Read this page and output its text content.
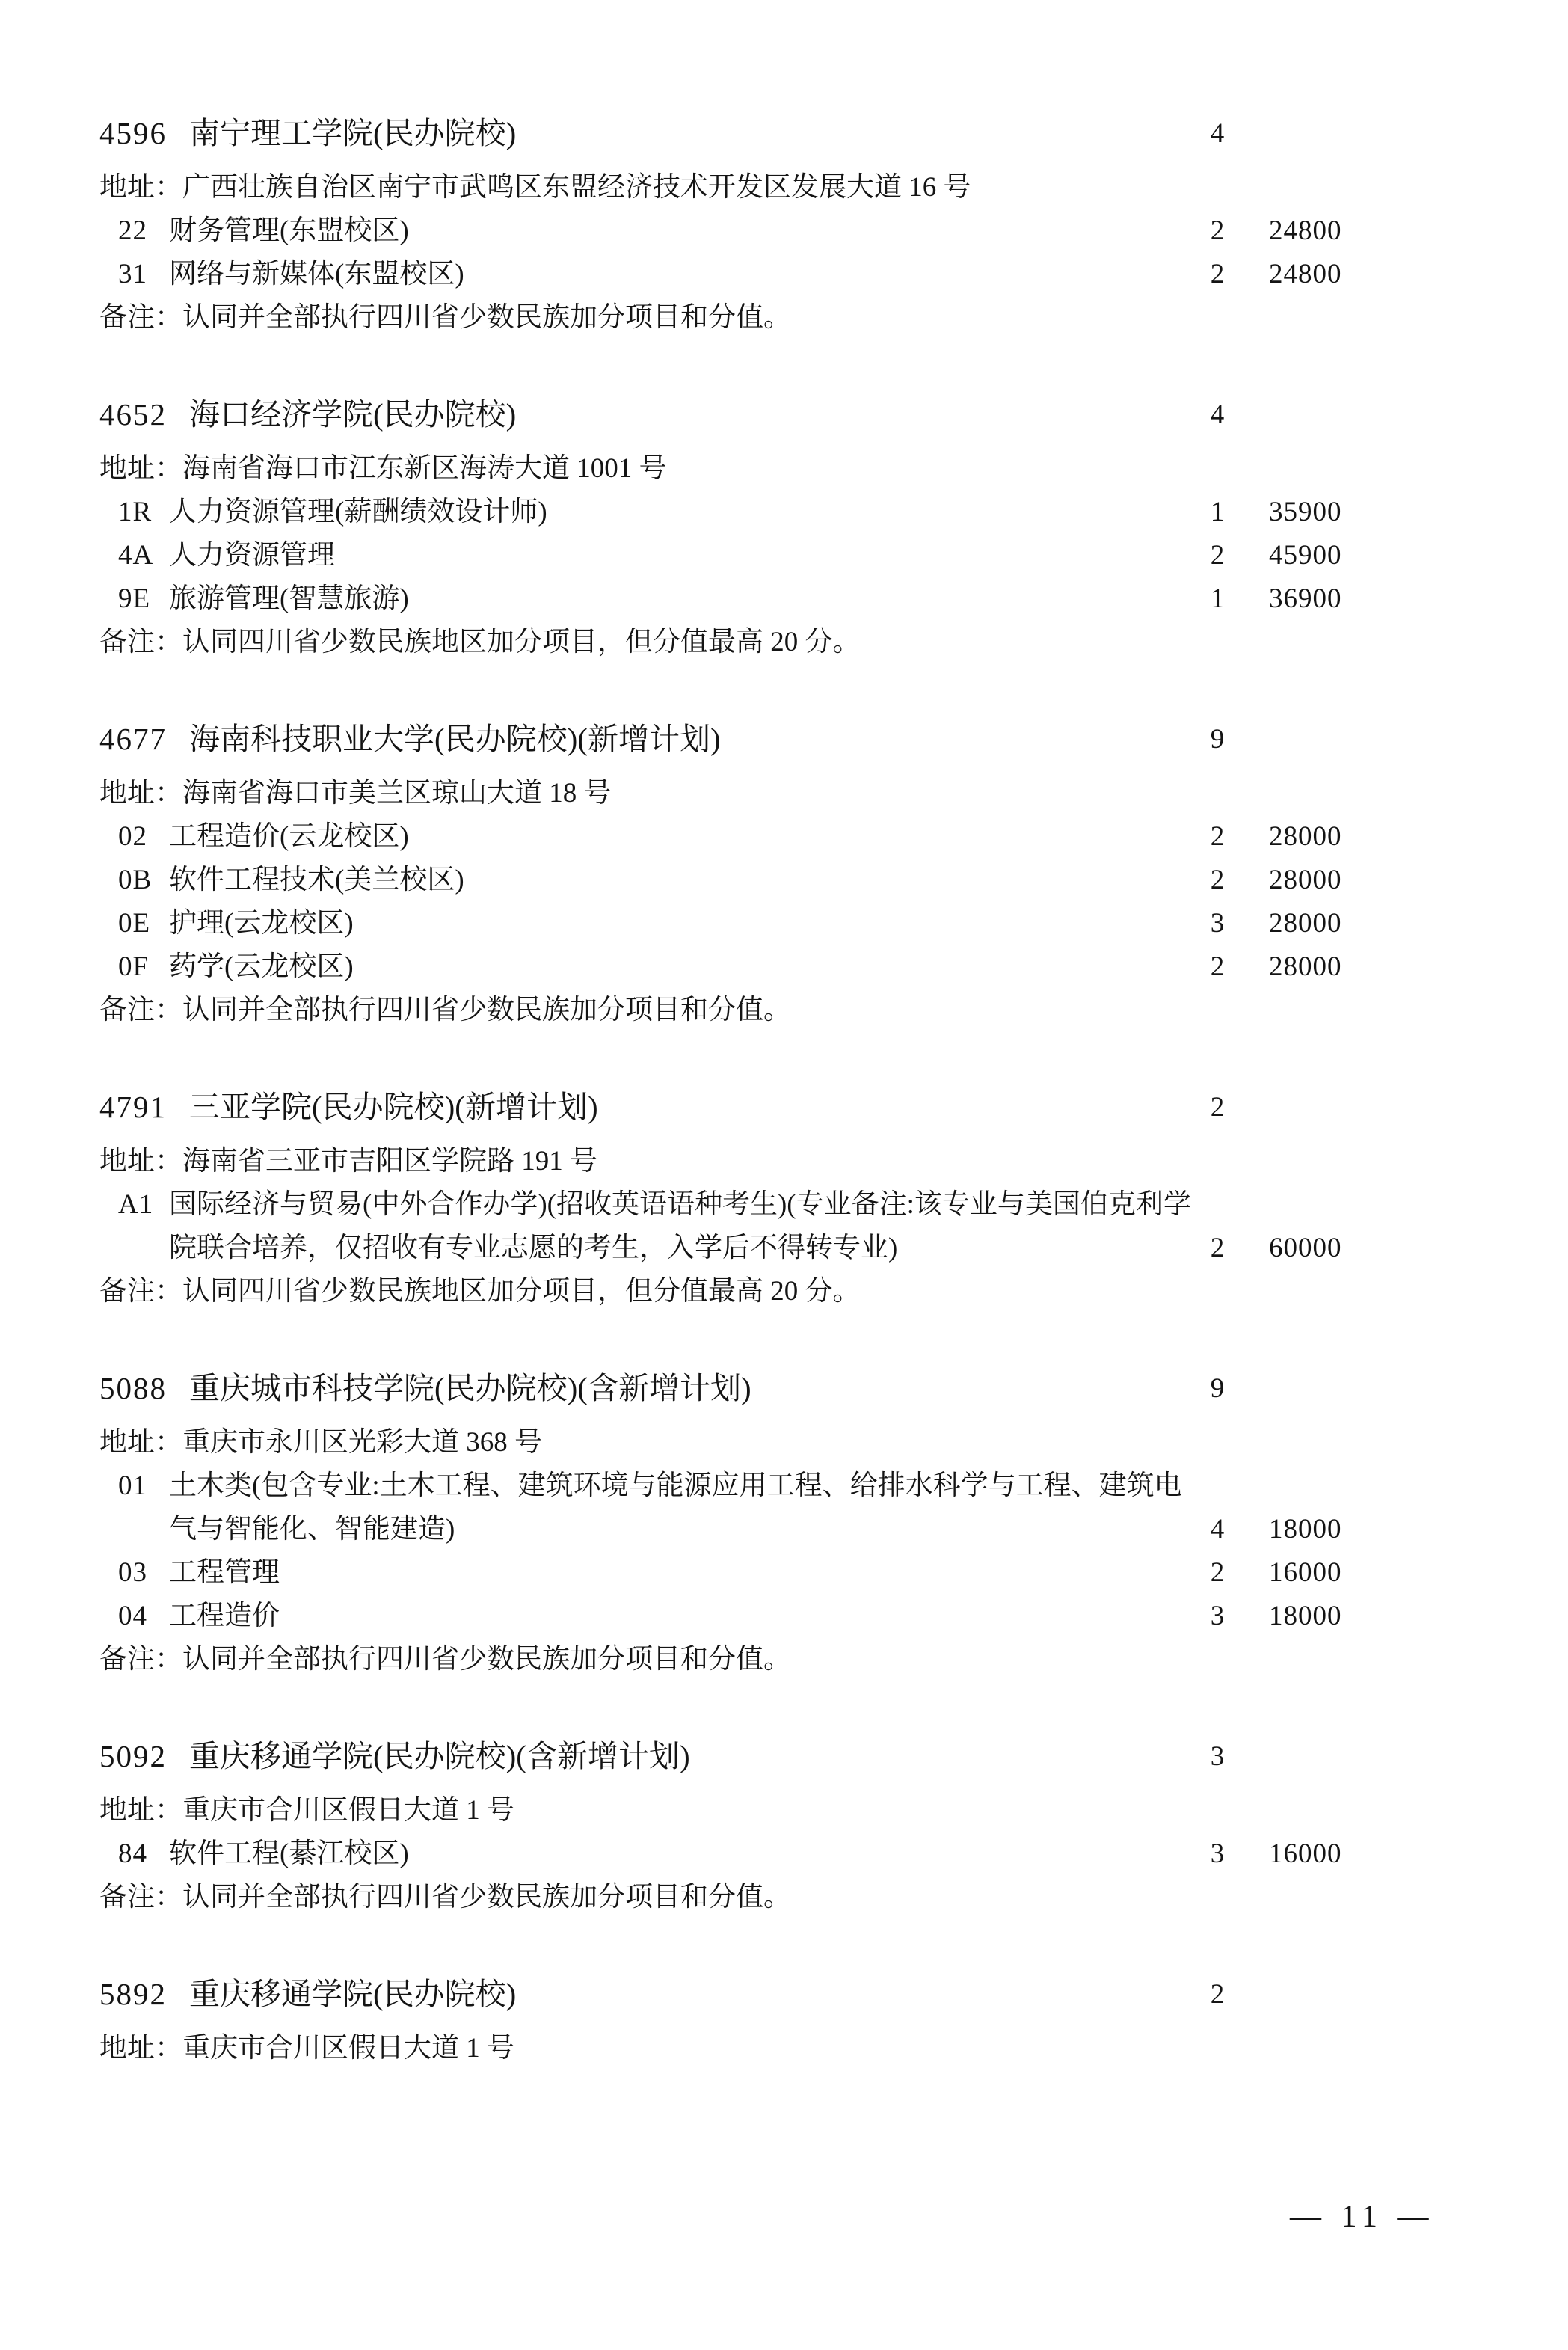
4596 南宁理工学院(民办院校)	4
地址：广西壮族自治区南宁市武鸣区东盟经济技术开发区发展大道 16 号
22 财务管理(东盟校区)	2	24800
31 网络与新媒体(东盟校区)	2	24800
备注：认同并全部执行四川省少数民族加分项目和分值。
4652 海口经济学院(民办院校)	4
地址：海南省海口市江东新区海涛大道 1001 号
1R 人力资源管理(薪酬绩效设计师)	1	35900
4A 人力资源管理	2	45900
9E 旅游管理(智慧旅游)	1	36900
备注：认同四川省少数民族地区加分项目，但分值最高 20 分。
4677 海南科技职业大学(民办院校)(新增计划)	9
地址：海南省海口市美兰区琼山大道 18 号
02 工程造价(云龙校区)	2	28000
0B 软件工程技术(美兰校区)	2	28000
0E 护理(云龙校区)	3	28000
0F 药学(云龙校区)	2	28000
备注：认同并全部执行四川省少数民族加分项目和分值。
4791 三亚学院(民办院校)(新增计划)	2
地址：海南省三亚市吉阳区学院路 191 号
A1 国际经济与贸易(中外合作办学)(招收英语语种考生)(专业备注:该专业与美国伯克利学院联合培养，仅招收有专业志愿的考生，入学后不得转专业)	2	60000
备注：认同四川省少数民族地区加分项目，但分值最高 20 分。
5088 重庆城市科技学院(民办院校)(含新增计划)	9
地址：重庆市永川区光彩大道 368 号
01 土木类(包含专业:土木工程、建筑环境与能源应用工程、给排水科学与工程、建筑电气与智能化、智能建造)	4	18000
03 工程管理	2	16000
04 工程造价	3	18000
备注：认同并全部执行四川省少数民族加分项目和分值。
5092 重庆移通学院(民办院校)(含新增计划)	3
地址：重庆市合川区假日大道 1 号
84 软件工程(綦江校区)	3	16000
备注：认同并全部执行四川省少数民族加分项目和分值。
5892 重庆移通学院(民办院校)	2
地址：重庆市合川区假日大道 1 号
— 11 —
